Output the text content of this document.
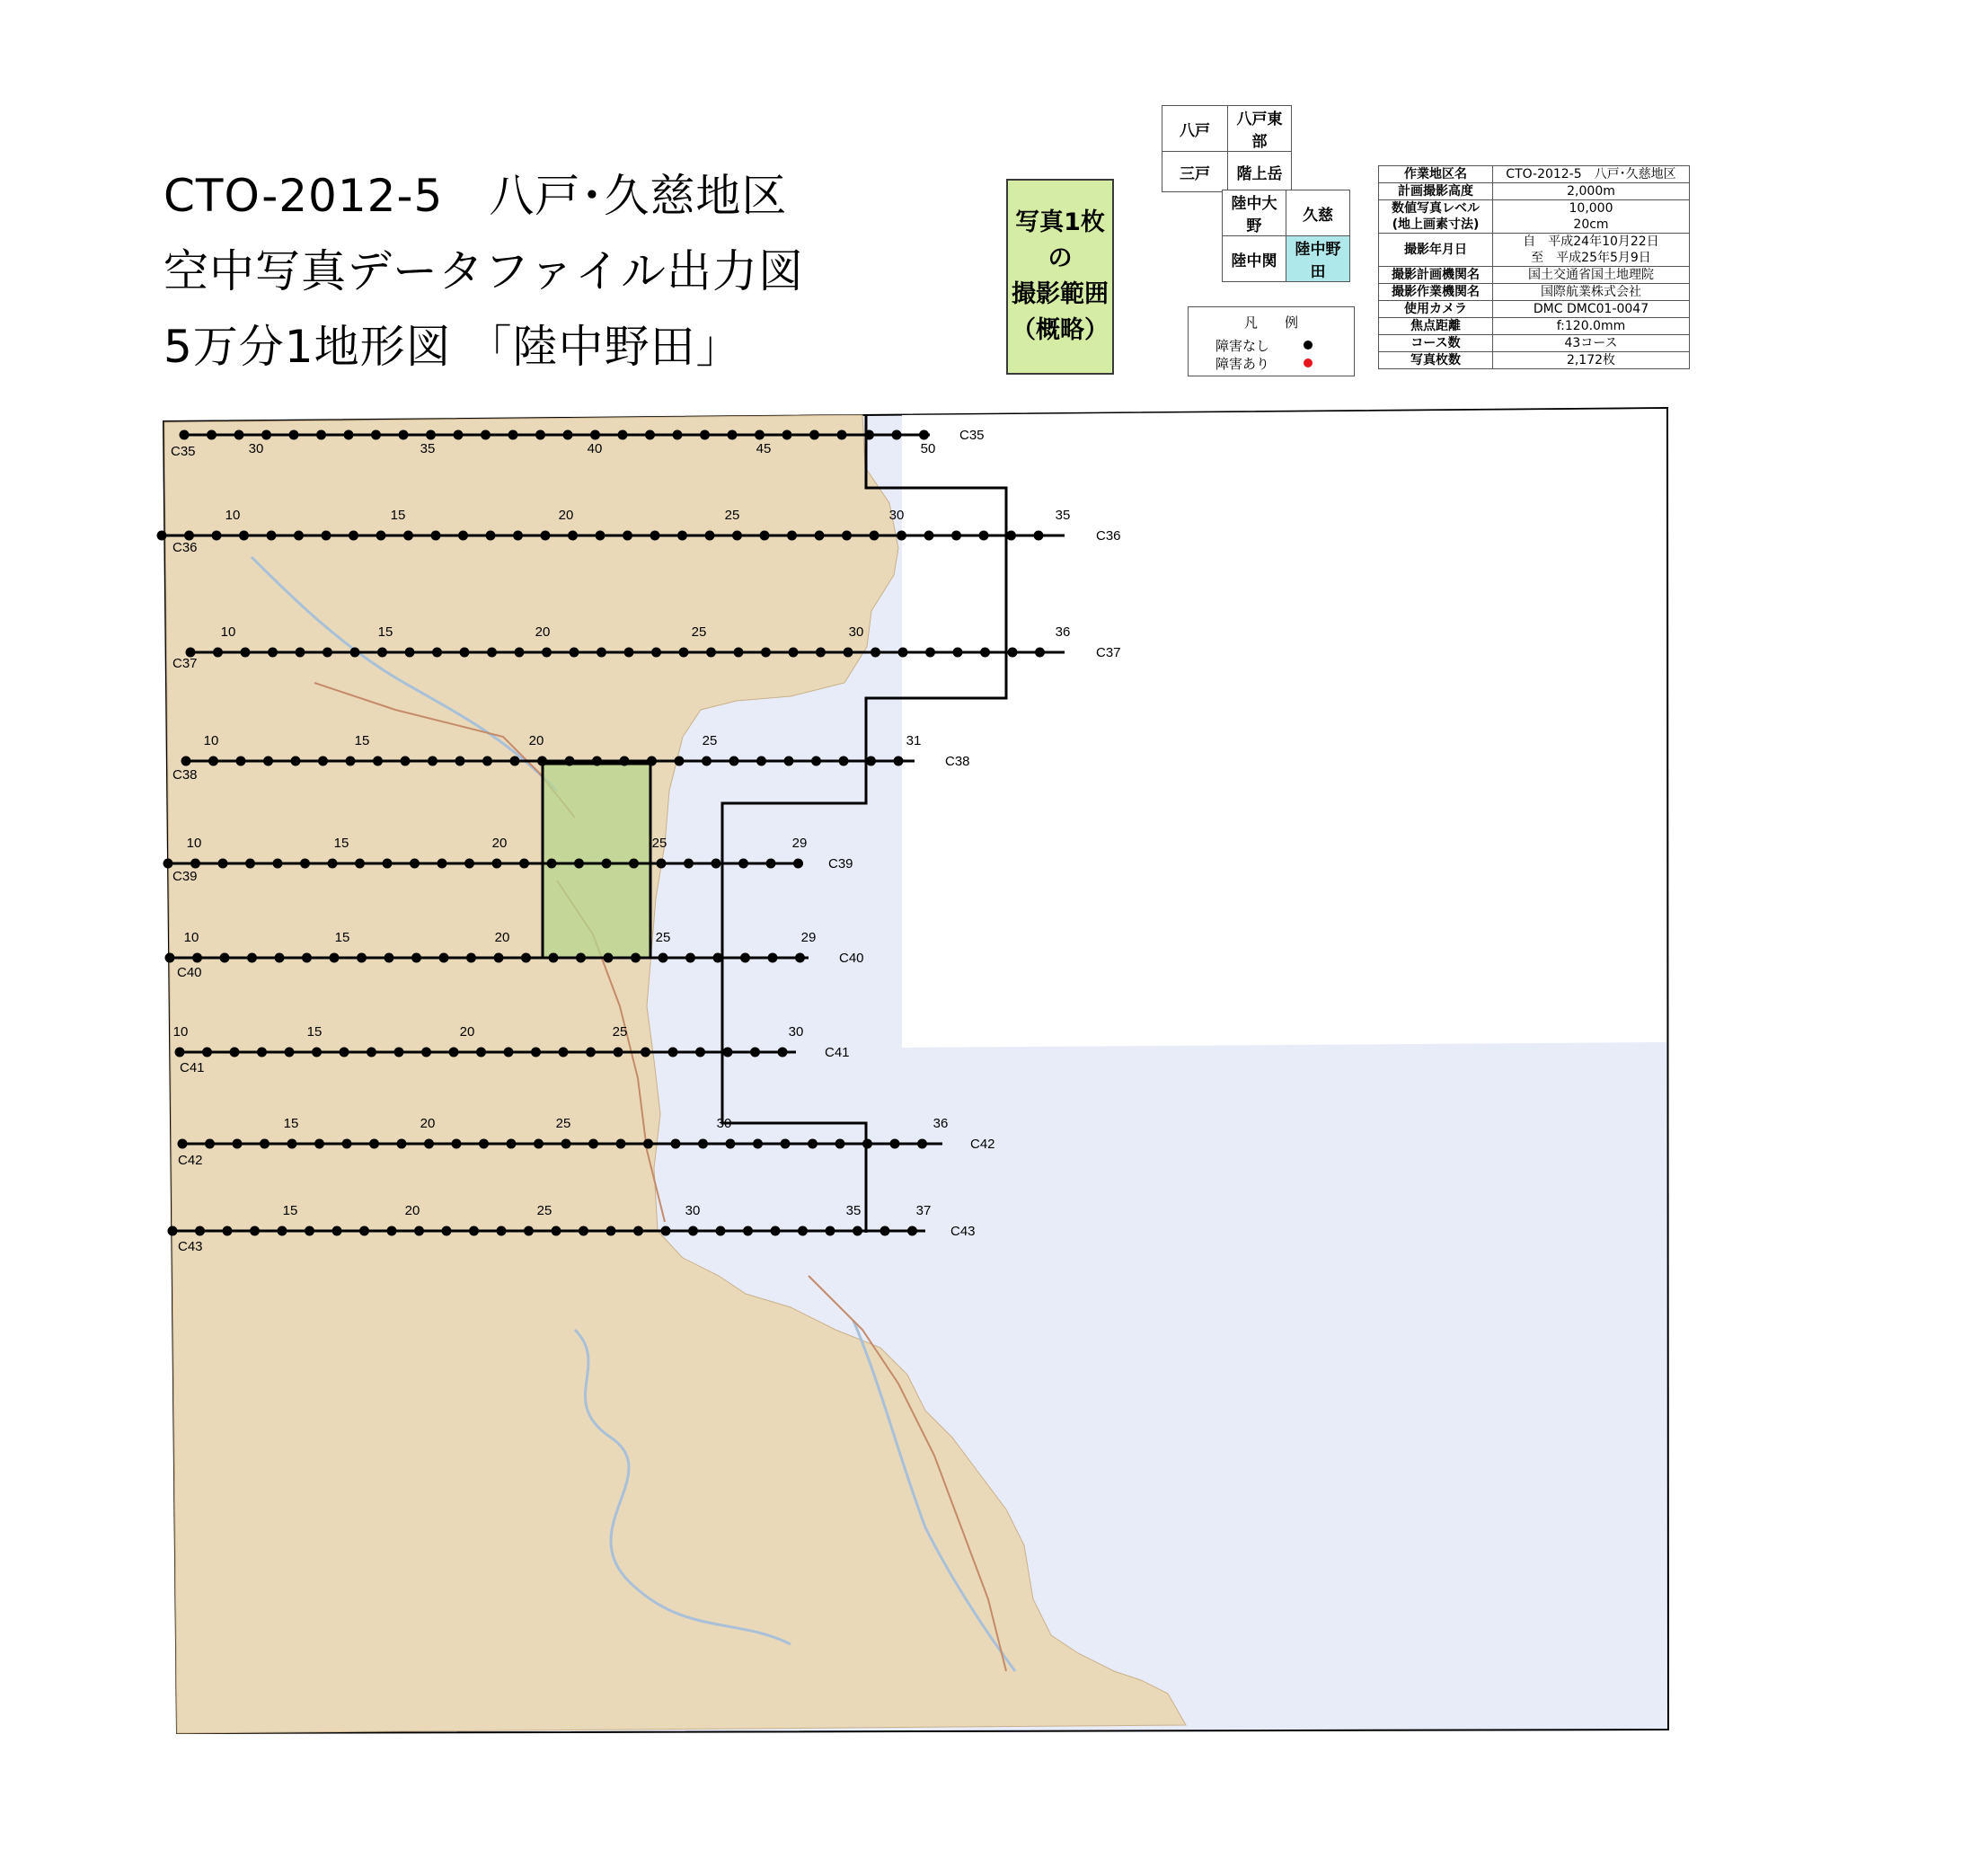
30	35	40	45	50
C35
C35
10	15	20	25	30	35
C36
C36
10	15	20	25	30	36
C37
C37
10	15	20	25	31
C38
C38
10	15	20	25	29
C39
C39
10	15	20	25	29
C40
C40
10	15	20	25	30
C41
C41
15	20	25	30	36
C42
C42
15	20	25	30	35	37
C43
C43
CTO-2012-5　八戸･久慈地区
空中写真データファイル出力図
5万分1地形図 「陸中野田」
写真1枚
の
撮影範囲
（概略）
八戸	八戸東部
三戸	階上岳
陸中大野	久慈
陸中関	陸中野田
凡　　例
障害なし
障害あり
作業地区名	CTO-2012-5　八戸･久慈地区
計画撮影高度	2,000m
数値写真レベル
(地上画素寸法)	10,000
20cm
撮影年月日	自　平成24年10月22日
至　平成25年5月9日
撮影計画機関名	国土交通省国土地理院
撮影作業機関名	国際航業株式会社
使用カメラ	DMC DMC01-0047
焦点距離	f:120.0mm
コース数	43コース
写真枚数	2,172枚
